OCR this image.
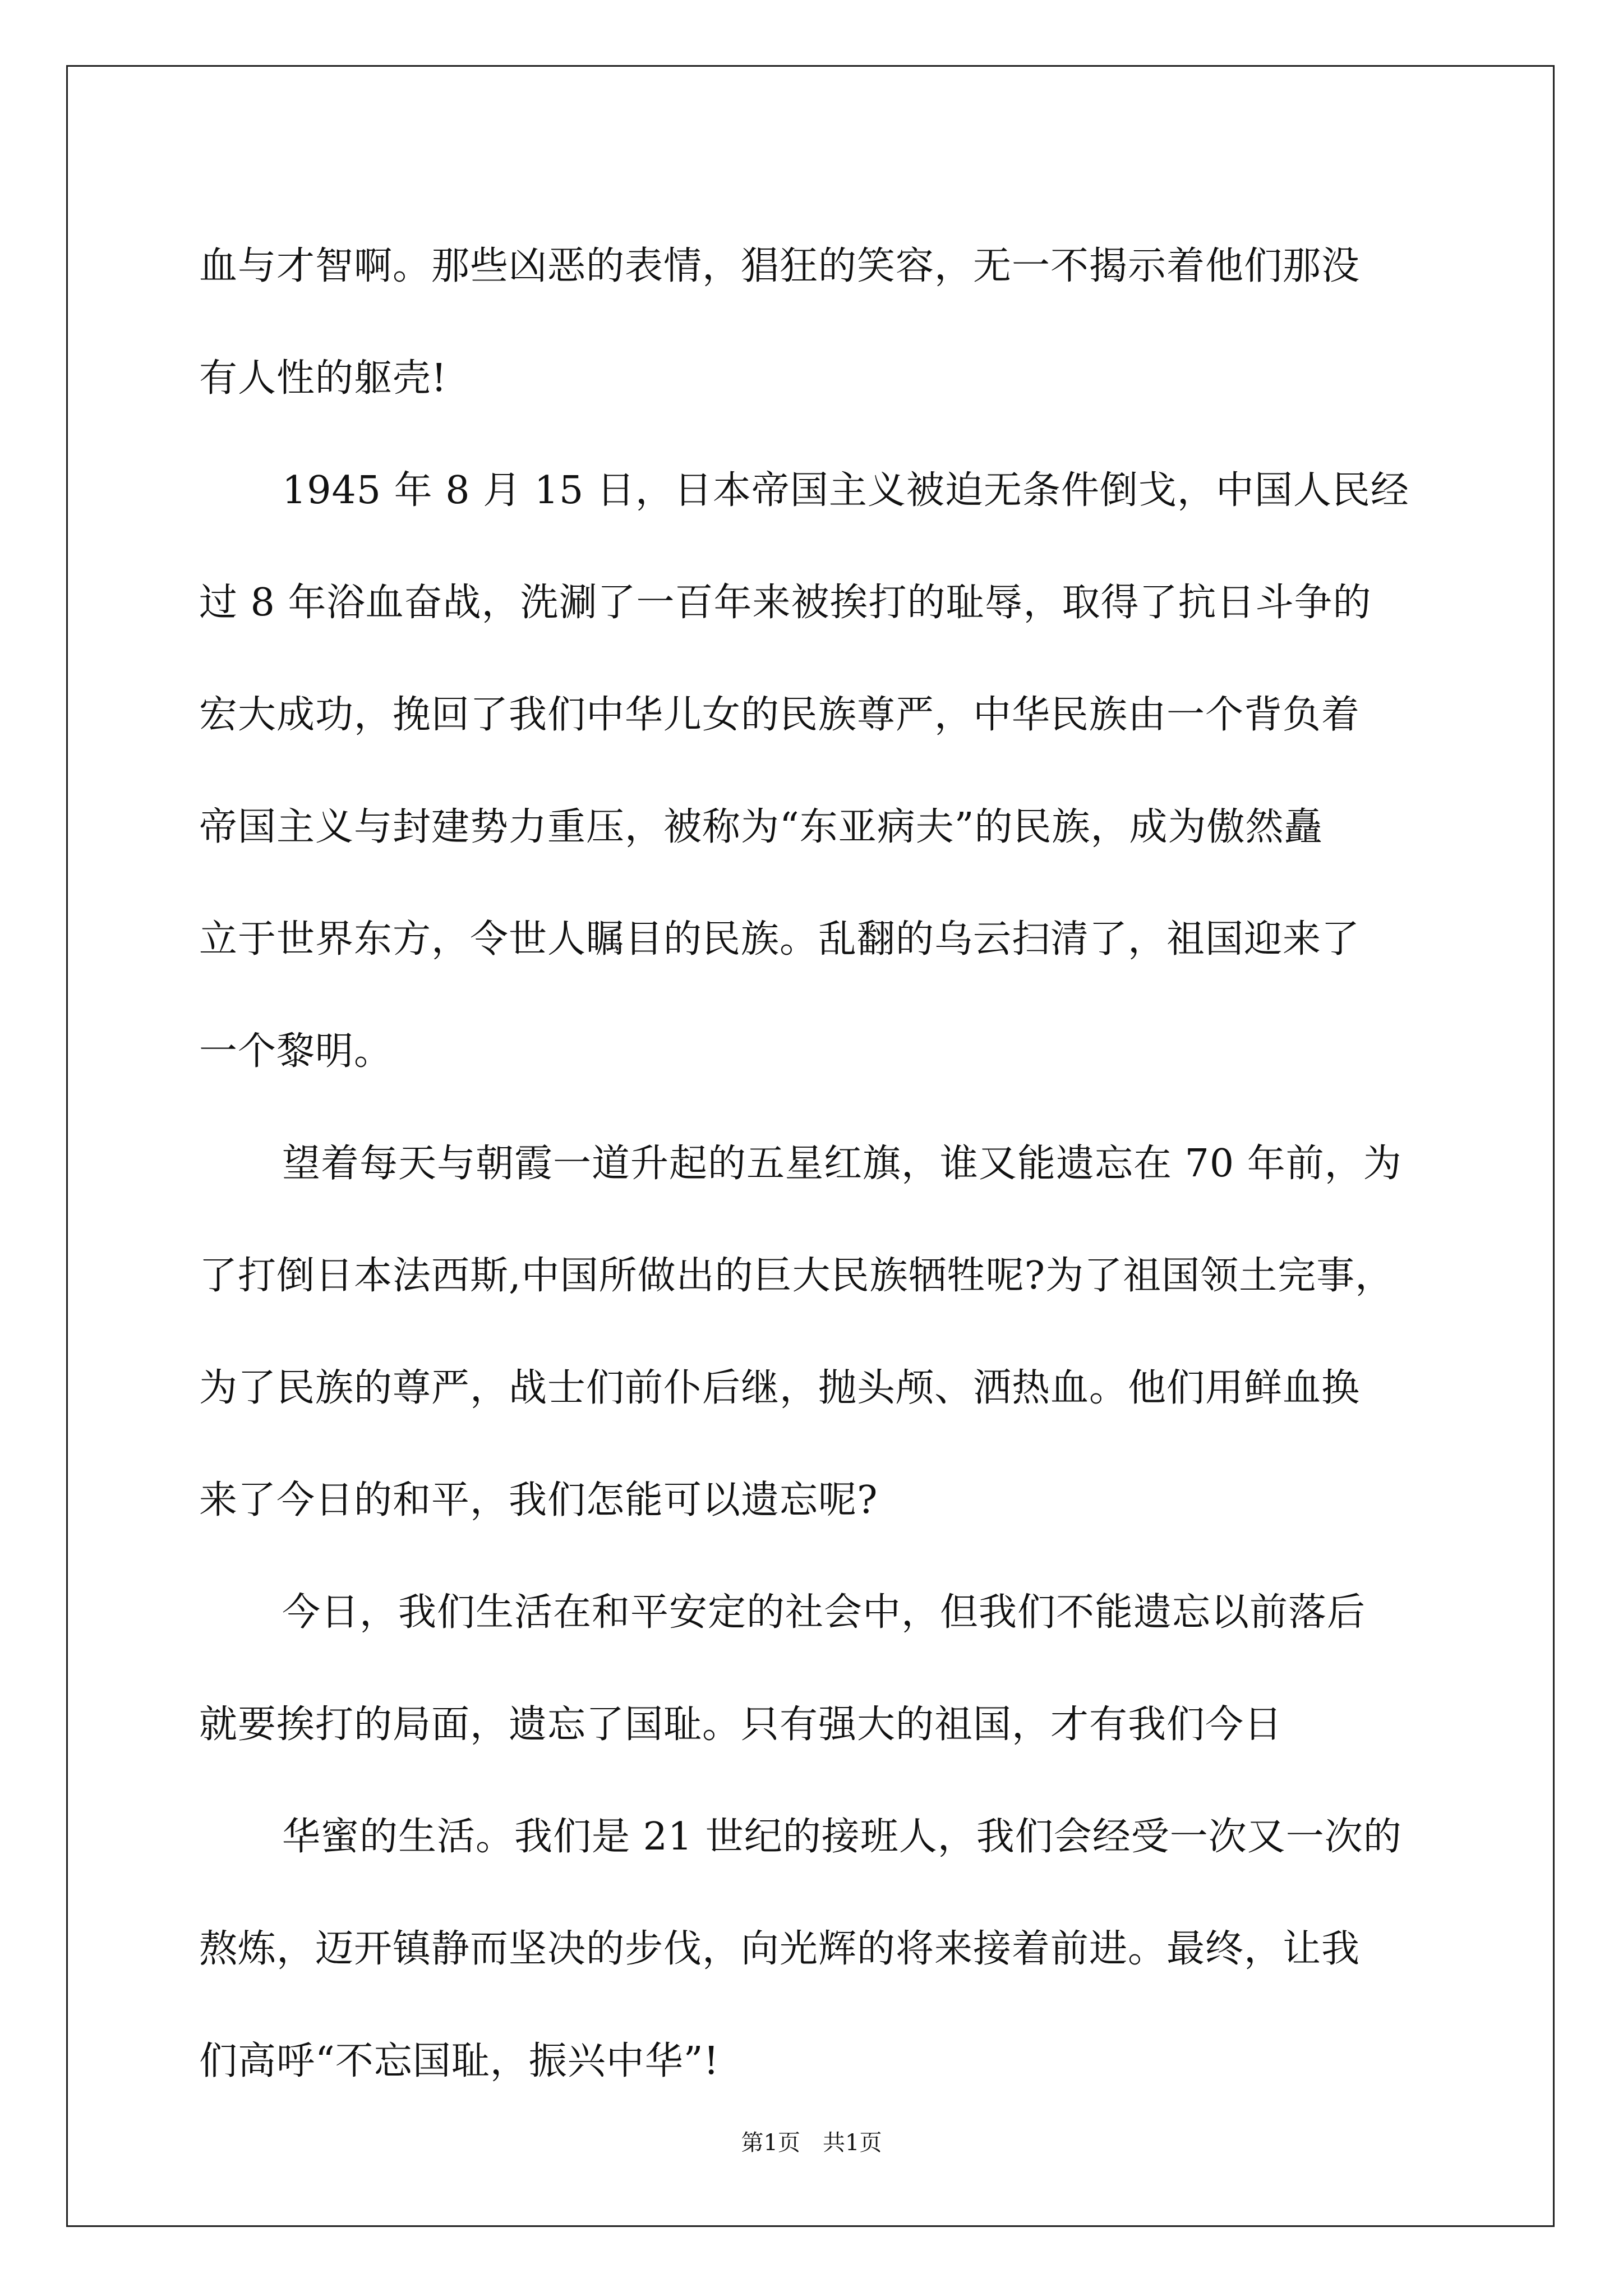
血与才智啊。那些凶恶的表情，猖狂的笑容，无一不揭示着他们那没
有人性的躯壳!
1945 年 8 月 15 日，日本帝国主义被迫无条件倒戈，中国人民经
过 8 年浴血奋战，洗涮了一百年来被挨打的耻辱，取得了抗日斗争的
宏大成功，挽回了我们中华儿女的民族尊严，中华民族由一个背负着
帝国主义与封建势力重压，被称为“东亚病夫”的民族，成为傲然矗
立于世界东方，令世人瞩目的民族。乱翻的乌云扫清了，祖国迎来了
一个黎明。
望着每天与朝霞一道升起的五星红旗，谁又能遗忘在 70 年前，为
了打倒日本法西斯,中国所做出的巨大民族牺牲呢?为了祖国领土完事，
为了民族的尊严，战士们前仆后继，抛头颅、洒热血。他们用鲜血换
来了今日的和平，我们怎能可以遗忘呢?
今日，我们生活在和平安定的社会中，但我们不能遗忘以前落后
就要挨打的局面，遗忘了国耻。只有强大的祖国，才有我们今日
华蜜的生活。我们是 21 世纪的接班人，我们会经受一次又一次的
熬炼，迈开镇静而坚决的步伐，向光辉的将来接着前进。最终，让我
们高呼“不忘国耻，振兴中华”!
第1页　共1页
